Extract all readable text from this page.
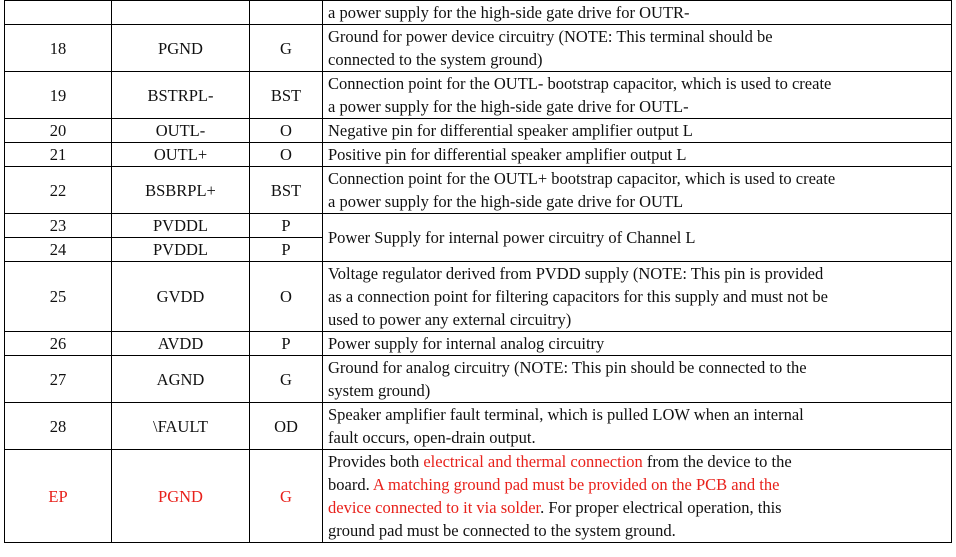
			a power supply for the high-side gate drive for OUTR-

18	PGND	G	Ground for power device circuitry (NOTE: This terminal should be
connected to the system ground)

19	BSTRPL-	BST	Connection point for the OUTL- bootstrap capacitor, which is used to create
a power supply for the high-side gate drive for OUTL-

20	OUTL-	O	Negative pin for differential speaker amplifier output L

21	OUTL+	O	Positive pin for differential speaker amplifier output L

22	BSBRPL+	BST	Connection point for the OUTL+ bootstrap capacitor, which is used to create
a power supply for the high-side gate drive for OUTL

23	PVDDL	P	Power Supply for internal power circuitry of Channel L

24	PVDDL	P	
25	GVDD	O	Voltage regulator derived from PVDD supply (NOTE: This pin is provided
as a connection point for filtering capacitors for this supply and must not be
used to power any external circuitry)

26	AVDD	P	Power supply for internal analog circuitry

27	AGND	G	Ground for analog circuitry (NOTE: This pin should be connected to the
system ground)

28	\FAULT	OD	Speaker amplifier fault terminal, which is pulled LOW when an internal
fault occurs, open-drain output.

EP	PGND	G	Provides both electrical and thermal connection from the device to the
board. A matching ground pad must be provided on the PCB and the
device connected to it via solder. For proper electrical operation, this
ground pad must be connected to the system ground.
